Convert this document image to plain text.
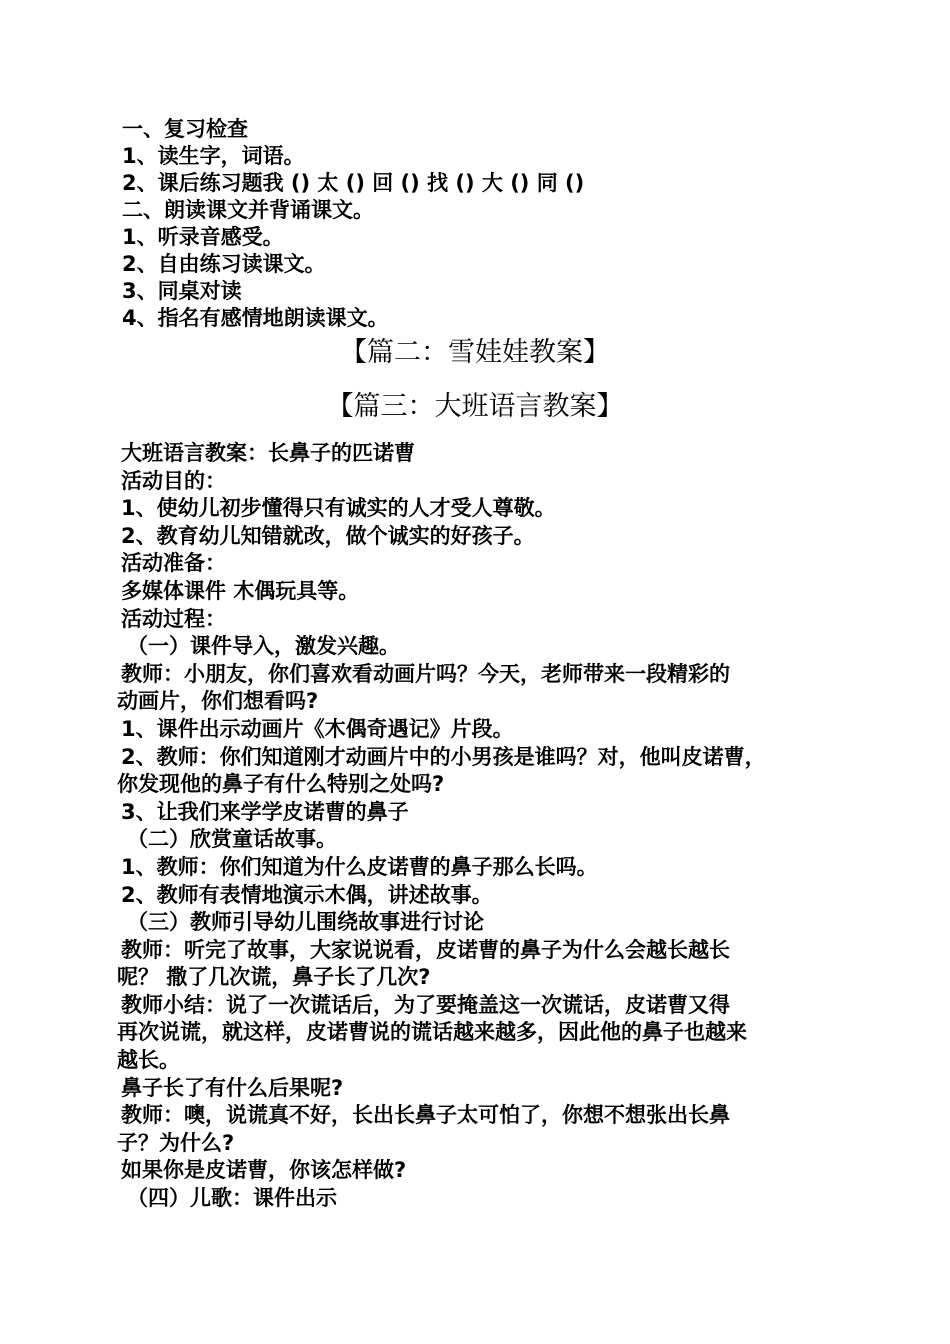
一、复习检查
1、读生字，词语。
2、课后练习题我 () 太 () 回 () 找 () 大 () 同 ()
二、朗读课文并背诵课文。
1、听录音感受。
2、自由练习读课文。
3、同桌对读
4、指名有感情地朗读课文。
【篇二：雪娃娃教案】
【篇三：大班语言教案】
大班语言教案：长鼻子的匹诺曹
活动目的：
1、使幼儿初步懂得只有诚实的人才受人尊敬。
2、教育幼儿知错就改，做个诚实的好孩子。
活动准备：
多媒体课件 木偶玩具等。
活动过程：
（一）课件导入，激发兴趣。
教师：小朋友，你们喜欢看动画片吗？今天，老师带来一段精彩的
动画片，你们想看吗?
1、课件出示动画片《木偶奇遇记》片段。
2、教师：你们知道刚才动画片中的小男孩是谁吗？对，他叫皮诺曹，
你发现他的鼻子有什么特别之处吗?
3、让我们来学学皮诺曹的鼻子
（二）欣赏童话故事。
1、教师：你们知道为什么皮诺曹的鼻子那么长吗。
2、教师有表情地演示木偶，讲述故事。
（三）教师引导幼儿围绕故事进行讨论
教师：听完了故事，大家说说看，皮诺曹的鼻子为什么会越长越长
呢？ 撒了几次谎，鼻子长了几次?
教师小结：说了一次谎话后，为了要掩盖这一次谎话，皮诺曹又得
再次说谎，就这样，皮诺曹说的谎话越来越多，因此他的鼻子也越来
越长。
鼻子长了有什么后果呢?
教师：噢，说谎真不好，长出长鼻子太可怕了，你想不想张出长鼻
子？为什么?
如果你是皮诺曹，你该怎样做?
（四）儿歌：课件出示
